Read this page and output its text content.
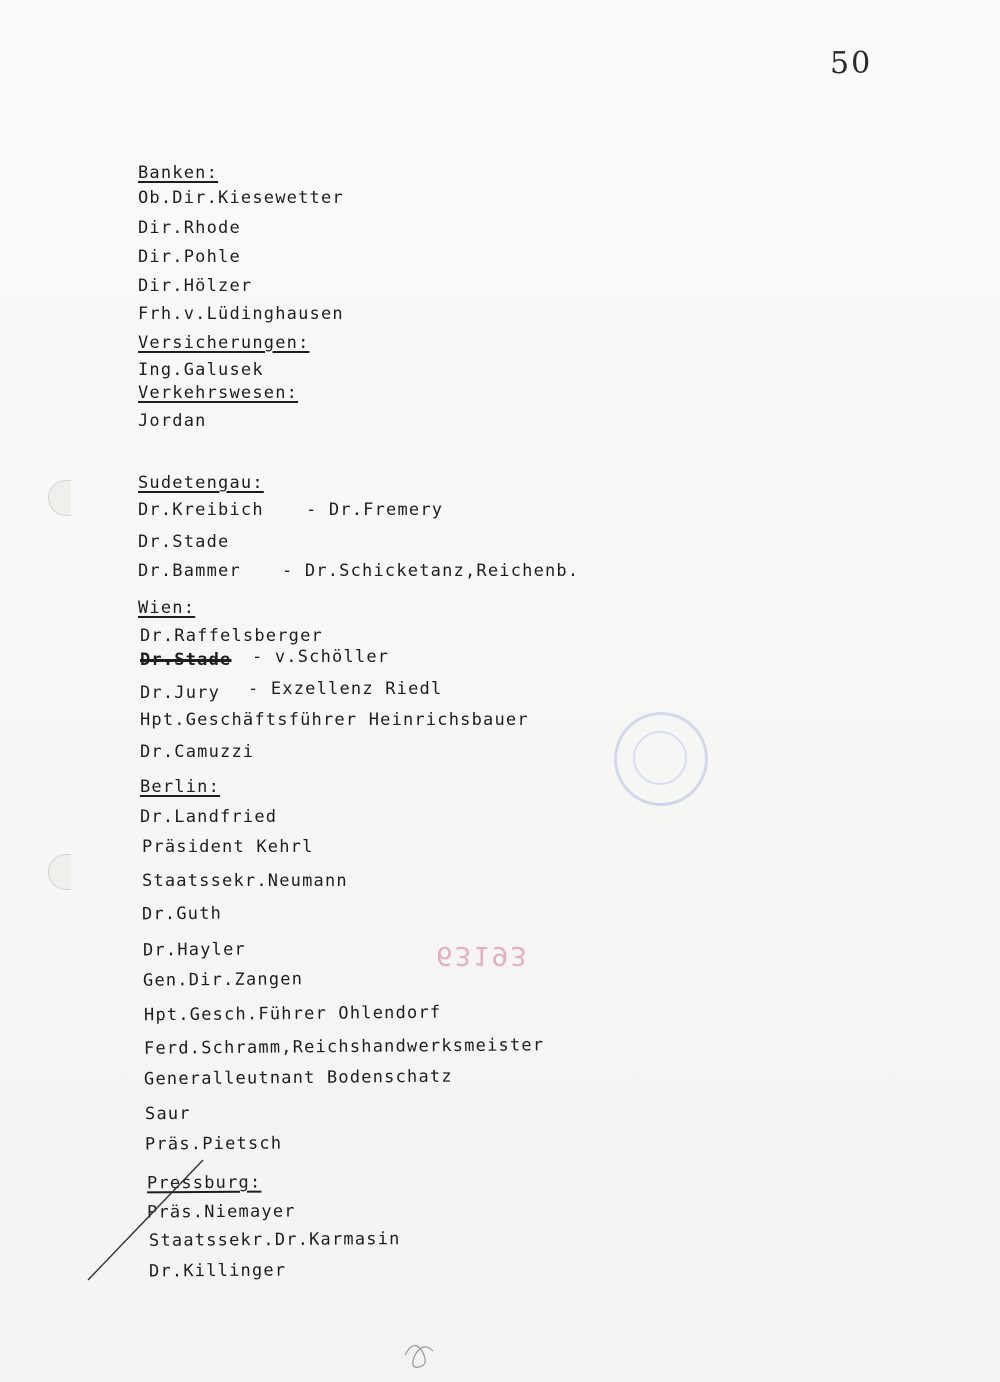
50
63193
Banken:
Ob.Dir.Kiesewetter
Dir.Rhode
Dir.Pohle
Dir.Hölzer
Frh.v.Lüdinghausen
Versicherungen:
Ing.Galusek
Verkehrswesen:
Jordan
Sudetengau:
Dr.Kreibich - Dr.Fremery
Dr.Stade
Dr.Bammer - Dr.Schicketanz,Reichenb.
Wien:
Dr.Raffelsberger
Dr.Stade - v.Schöller
Dr.Jury - Exzellenz Riedl
Hpt.Geschäftsführer Heinrichsbauer
Dr.Camuzzi
Berlin:
Dr.Landfried
Präsident Kehrl
Staatssekr.Neumann
Dr.Guth
Dr.Hayler
Gen.Dir.Zangen
Hpt.Gesch.Führer Ohlendorf
Ferd.Schramm,Reichshandwerksmeister
Generalleutnant Bodenschatz
Saur
Präs.Pietsch
Pressburg:
Präs.Niemayer
Staatssekr.Dr.Karmasin
Dr.Killinger
